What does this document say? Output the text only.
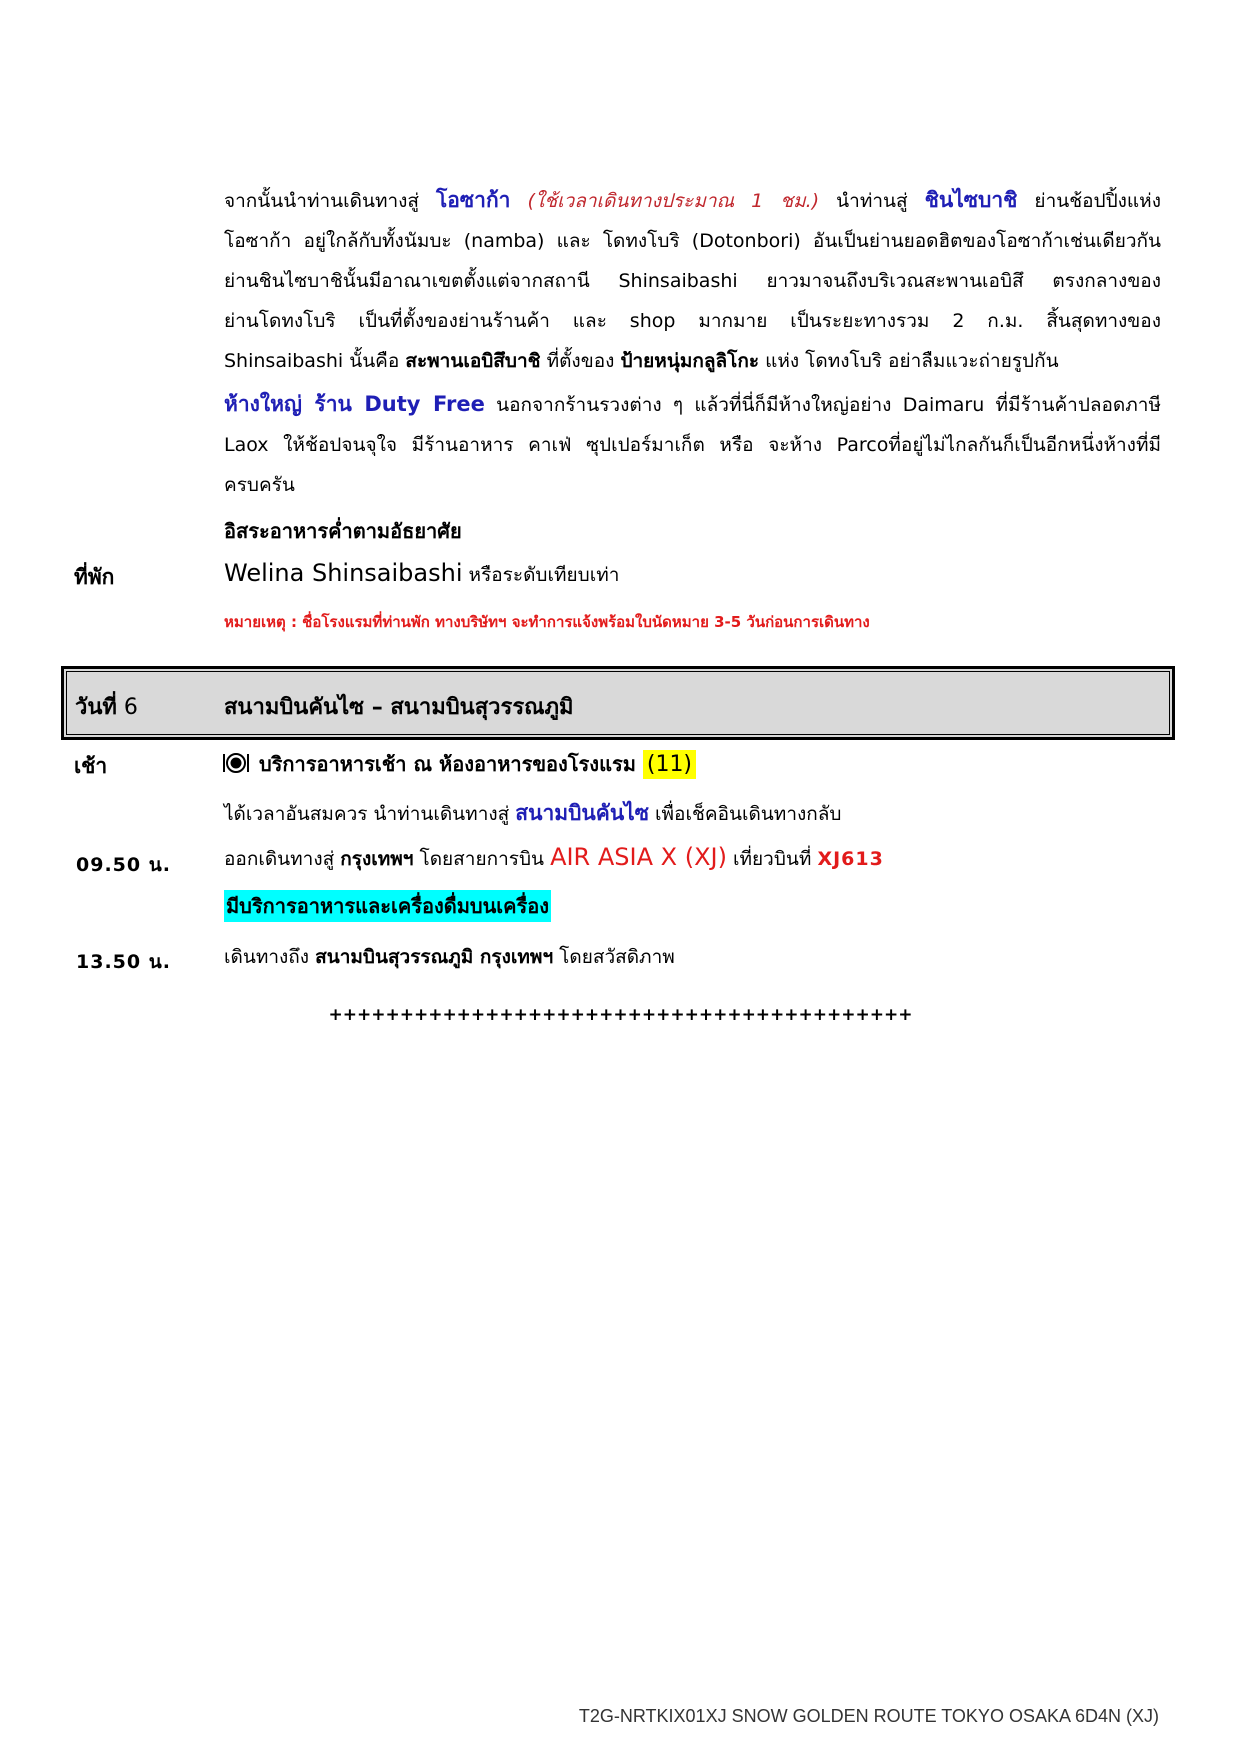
จากนั้นนำท่านเดินทางสู่ โอซาก้า (ใช้เวลาเดินทางประมาณ 1 ชม.) นำท่านสู่ ชินไซบาชิ ย่านช้อปปิ้งแห่ง
โอซาก้า อยู่ใกล้กับทั้งนัมบะ (namba) และ โดทงโบริ (Dotonbori) อันเป็นย่านยอดฮิตของโอซาก้าเช่นเดียวกัน
ย่านชินไซบาชินั้นมีอาณาเขตตั้งแต่จากสถานี Shinsaibashi ยาวมาจนถึงบริเวณสะพานเอบิสึ ตรงกลางของ
ย่านโดทงโบริ เป็นที่ตั้งของย่านร้านค้า และ shop มากมาย เป็นระยะทางรวม 2 ก.ม. สิ้นสุดทางของ
Shinsaibashi นั้นคือ สะพานเอบิสึบาชิ ที่ตั้งของ ป้ายหนุ่มกลูลิโกะ แห่ง โดทงโบริ อย่าลืมแวะถ่ายรูปกัน
ห้างใหญ่ ร้าน Duty Free นอกจากร้านรวงต่าง ๆ แล้วที่นี่ก็มีห้างใหญ่อย่าง Daimaru ที่มีร้านค้าปลอดภาษี
Laox ให้ช้อปจนจุใจ มีร้านอาหาร คาเฟ่ ซุปเปอร์มาเก็ต หรือ จะห้าง Parcoที่อยู่ไม่ไกลกันก็เป็นอีกหนึ่งห้างที่มี
ครบครัน
อิสระอาหารค่ำตามอัธยาศัย
ที่พัก	Welina Shinsaibashi หรือระดับเทียบเท่า
หมายเหตุ : ชื่อโรงแรมที่ท่านพัก ทางบริษัทฯ จะทำการแจ้งพร้อมใบนัดหมาย 3-5 วันก่อนการเดินทาง
วันที่ 6	สนามบินคันไซ – สนามบินสุวรรณภูมิ
เช้า	บริการอาหารเช้า ณ ห้องอาหารของโรงแรม (11)
ได้เวลาอันสมควร นำท่านเดินทางสู่ สนามบินคันไซ เพื่อเช็คอินเดินทางกลับ
09.50 น.	ออกเดินทางสู่ กรุงเทพฯ โดยสายการบิน AIR ASIA X (XJ) เที่ยวบินที่ XJ613
มีบริการอาหารและเครื่องดื่มบนเครื่อง
13.50 น.	เดินทางถึง สนามบินสุวรรณภูมิ กรุงเทพฯ โดยสวัสดิภาพ
+++++++++++++++++++++++++++++++++++++++++
T2G-NRTKIX01XJ SNOW GOLDEN ROUTE TOKYO OSAKA 6D4N (XJ)
